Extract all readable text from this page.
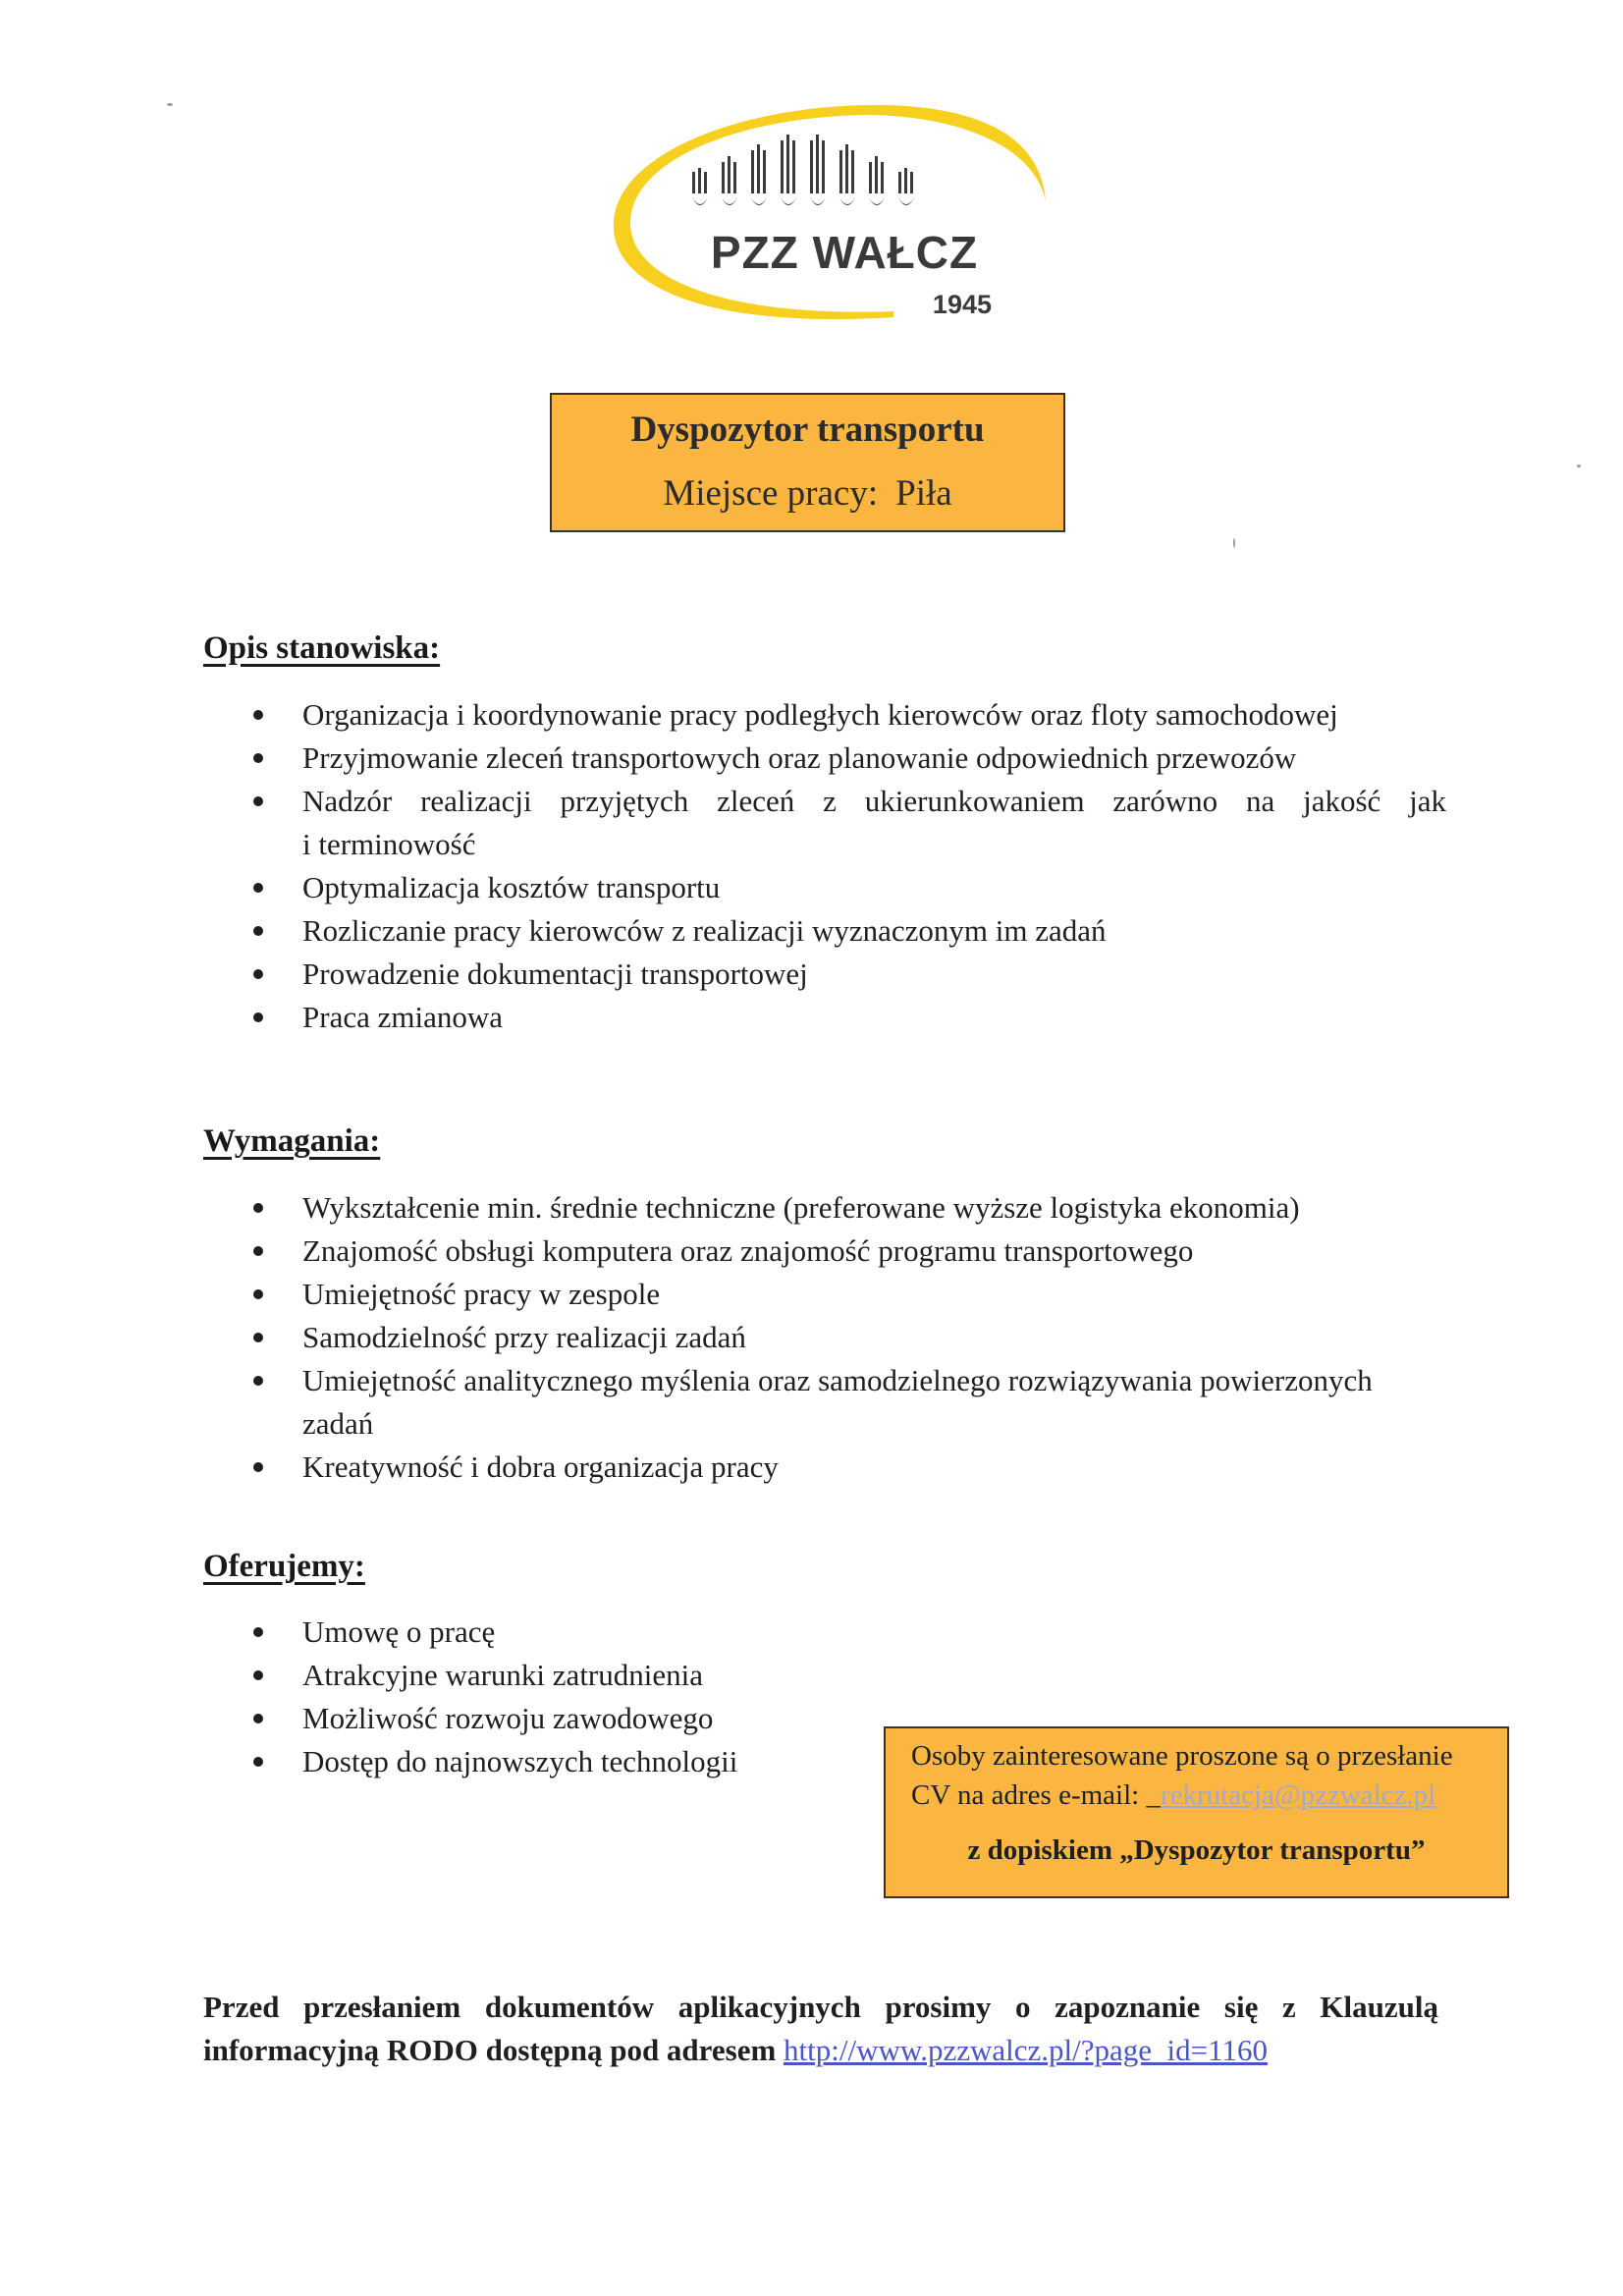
PZZ WAŁCZ
1945
Dyspozytor transportu
Miejsce pracy: Piła
Opis stanowiska:
Organizacja i koordynowanie pracy podległych kierowców oraz floty samochodowej
Przyjmowanie zleceń transportowych oraz planowanie odpowiednich przewozów
Nadzór realizacji przyjętych zleceń z ukierunkowaniem zarówno na jakość jak
i terminowość
Optymalizacja kosztów transportu
Rozliczanie pracy kierowców z realizacji wyznaczonym im zadań
Prowadzenie dokumentacji transportowej
Praca zmianowa
Wymagania:
Wykształcenie min. średnie techniczne (preferowane wyższe logistyka ekonomia)
Znajomość obsługi komputera oraz znajomość programu transportowego
Umiejętność pracy w zespole
Samodzielność przy realizacji zadań
Umiejętność analitycznego myślenia oraz samodzielnego rozwiązywania powierzonych
zadań
Kreatywność i dobra organizacja pracy
Oferujemy:
Umowę o pracę
Atrakcyjne warunki zatrudnienia
Możliwość rozwoju zawodowego
Dostęp do najnowszych technologii	Osoby zainteresowane proszone są o przesłanie
CV na adres e-mail: _rekrutacja@pzzwalcz.pl
z dopiskiem „Dyspozytor transportu”
Przed przesłaniem dokumentów aplikacyjnych prosimy o zapoznanie się z Klauzulą
informacyjną RODO dostępną pod adresem http://www.pzzwalcz.pl/?page_id=1160
